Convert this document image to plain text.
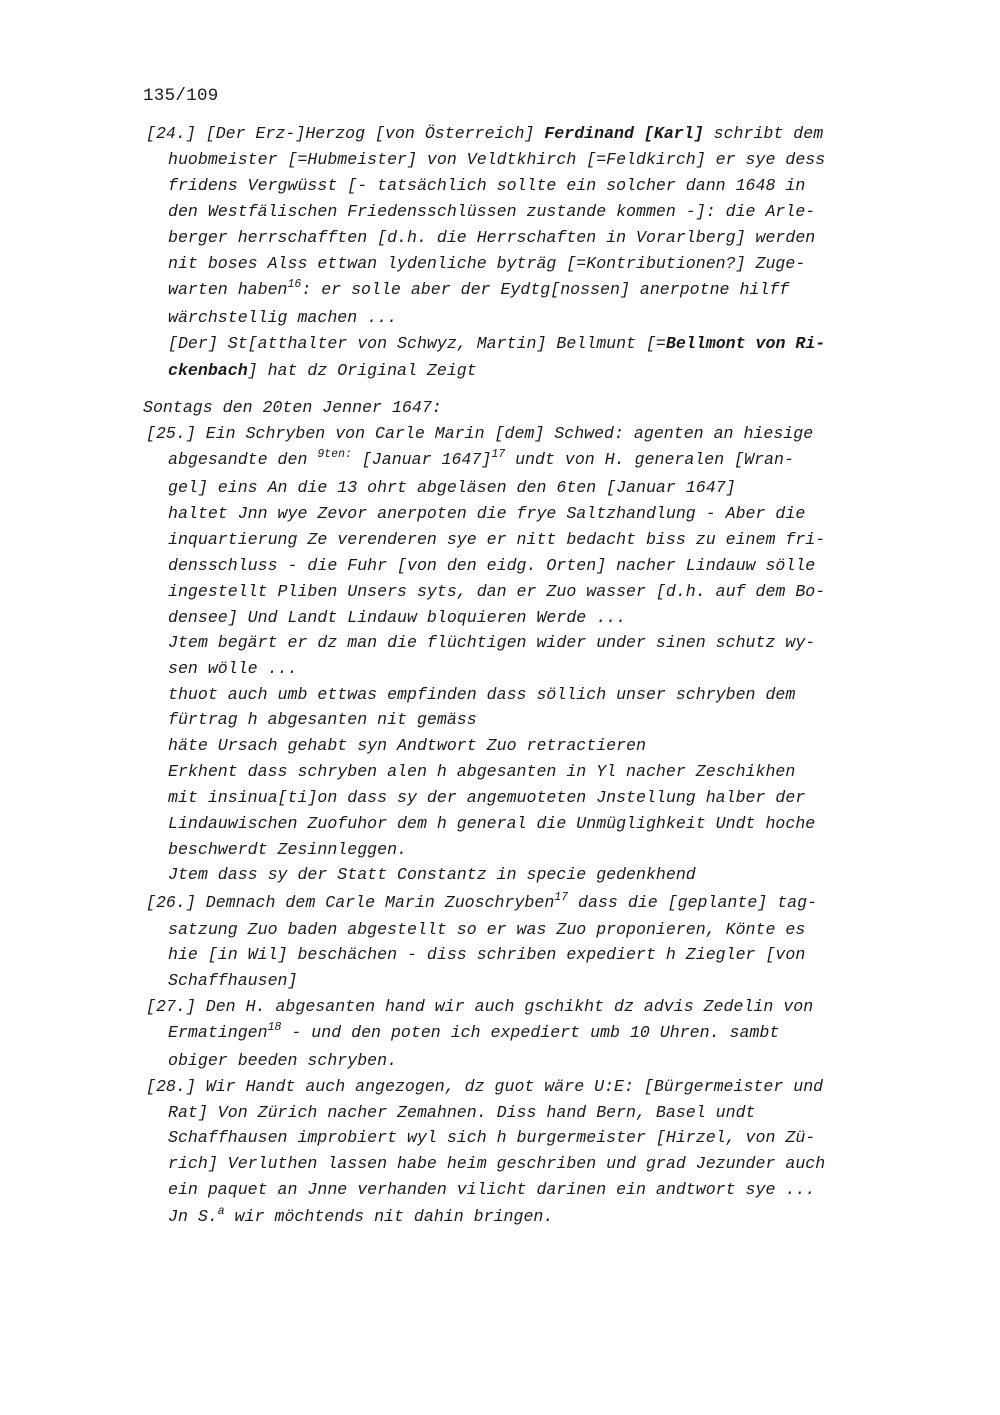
135/109
[24.] [Der Erz-]Herzog [von Österreich] Ferdinand [Karl] schribt dem
huobmeister [=Hubmeister] von Veldtkhirch [=Feldkirch] er sye dess
fridens Vergwüsst [- tatsächlich sollte ein solcher dann 1648 in
den Westfälischen Friedensschlüssen zustande kommen -]: die Arle-
berger herrschafften [d.h. die Herrschaften in Vorarlberg] werden
nit boses Alss ettwan lydenliche byträg [=Kontributionen?] Zuge-
warten haben$^{16}$: er solle aber der Eydtg[nossen] anerpotne hilff
wärchstellig machen ...
[Der] St[atthalter von Schwyz, Martin] Bellmunt [=Bellmont von Ri-
ckenbach] hat dz Original Zeigt
Sontags den 20ten Jenner 1647:
[25.] Ein Schryben von Carle Marin [dem] Schwed: agenten an hiesige
abgesandte den $^{9ten:}$ [Januar 1647]$^{17}$ undt von H. generalen [Wran-
gel] eins An die 13 ohrt abgeläsen den 6ten [Januar 1647]
haltet Jnn wye Zevor anerpoten die frye Saltzhandlung - Aber die
inquartierung Ze verenderen sye er nitt bedacht biss zu einem fri-
densschluss - die Fuhr [von den eidg. Orten] nacher Lindauw sölle
ingestellt Pliben Unsers syts, dan er Zuo wasser [d.h. auf dem Bo-
densee] Und Landt Lindauw bloquieren Werde ...
Jtem begärt er dz man die flüchtigen wider under sinen schutz wy-
sen wölle ...
thuot auch umb ettwas empfinden dass söllich unser schryben dem
fürtrag h abgesanten nit gemäss
häte Ursach gehabt syn Andtwort Zuo retractieren
Erkhent dass schryben alen h abgesanten in Yl nacher Zeschikhen
mit insinua[ti]on dass sy der angemuoteten Jnstellung halber der
Lindauwischen Zuofuhor dem h general die Unmüglighkeit Undt hoche
beschwerdt Zesinnleggen.
Jtem dass sy der Statt Constantz in specie gedenkhend
[26.] Demnach dem Carle Marin Zuoschryben$^{17}$ dass die [geplante] tag-
satzung Zuo baden abgestellt so er was Zuo proponieren, Könte es
hie [in Wil] beschächen - diss schriben expediert h Ziegler [von
Schaffhausen]
[27.] Den H. abgesanten hand wir auch gschikht dz advis Zedelin von
Ermatingen$^{18}$ - und den poten ich expediert umb 10 Uhren. sambt
obiger beeden schryben.
[28.] Wir Handt auch angezogen, dz guot wäre U:E: [Bürgermeister und
Rat] Von Zürich nacher Zemahnen. Diss hand Bern, Basel undt
Schaffhausen improbiert wyl sich h burgermeister [Hirzel, von Zü-
rich] Verluthen lassen habe heim geschriben und grad Jezunder auch
ein paquet an Jnne verhanden vilicht darinen ein andtwort sye ...
Jn S.$^a$ wir möchtends nit dahin bringen.
